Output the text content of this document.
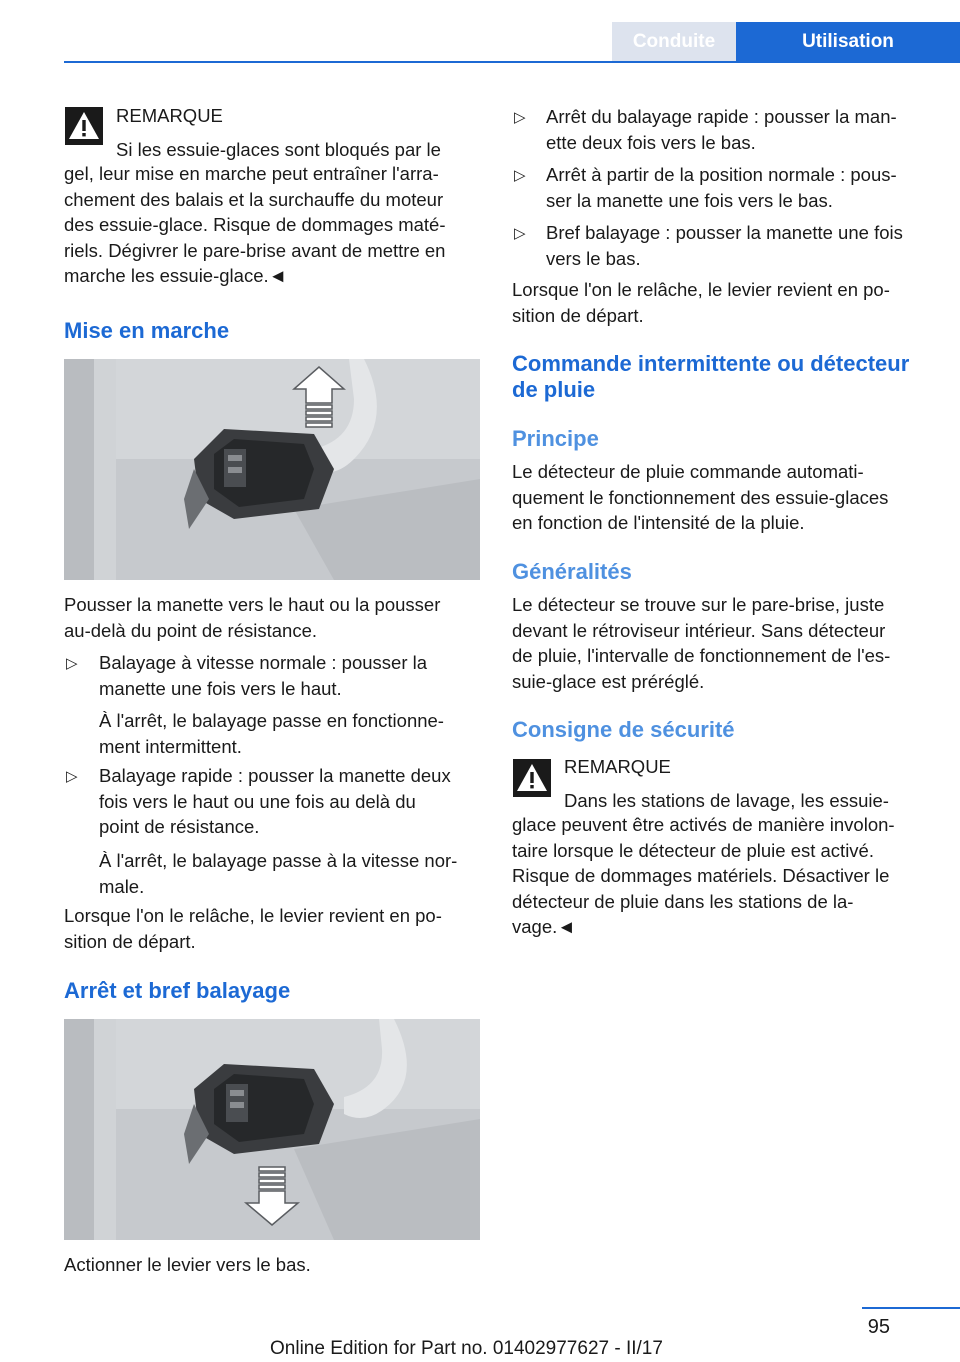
Conduite	Utilisation

REMARQUE

Si les essuie-glaces sont bloqués par le

gel, leur mise en marche peut entraîner l'arra-
chement des balais et la surchauffe du moteur
des essuie-glace. Risque de dommages maté-
riels. Dégivrer le pare-brise avant de mettre en
marche les essuie-glace.◄

Mise en marche

Pousser la manette vers le haut ou la pousser
au-delà du point de résistance.

▷ Balayage à vitesse normale : pousser la
manette une fois vers le haut.

À l'arrêt, le balayage passe en fonctionne-
ment intermittent.

▷ Balayage rapide : pousser la manette deux
fois vers le haut ou une fois au delà du
point de résistance.

À l'arrêt, le balayage passe à la vitesse nor-
male.

Lorsque l'on le relâche, le levier revient en po-
sition de départ.

Arrêt et bref balayage

Actionner le levier vers le bas.

▷ Arrêt du balayage rapide : pousser la man-
ette deux fois vers le bas.

▷ Arrêt à partir de la position normale : pous-
ser la manette une fois vers le bas.

▷ Bref balayage : pousser la manette une fois
vers le bas.

Lorsque l'on le relâche, le levier revient en po-
sition de départ.

Commande intermittente ou détecteur
de pluie
Principe

Le détecteur de pluie commande automati-
quement le fonctionnement des essuie-glaces
en fonction de l'intensité de la pluie.

Généralités

Le détecteur se trouve sur le pare-brise, juste
devant le rétroviseur intérieur. Sans détecteur
de pluie, l'intervalle de fonctionnement de l'es-
suie-glace est préréglé.

Consigne de sécurité

REMARQUE

Dans les stations de lavage, les essuie-

glace peuvent être activés de manière involon-
taire lorsque le détecteur de pluie est activé.
Risque de dommages matériels. Désactiver le
détecteur de pluie dans les stations de la-
vage.◄

95
Online Edition for Part no. 01402977627 - II/17
